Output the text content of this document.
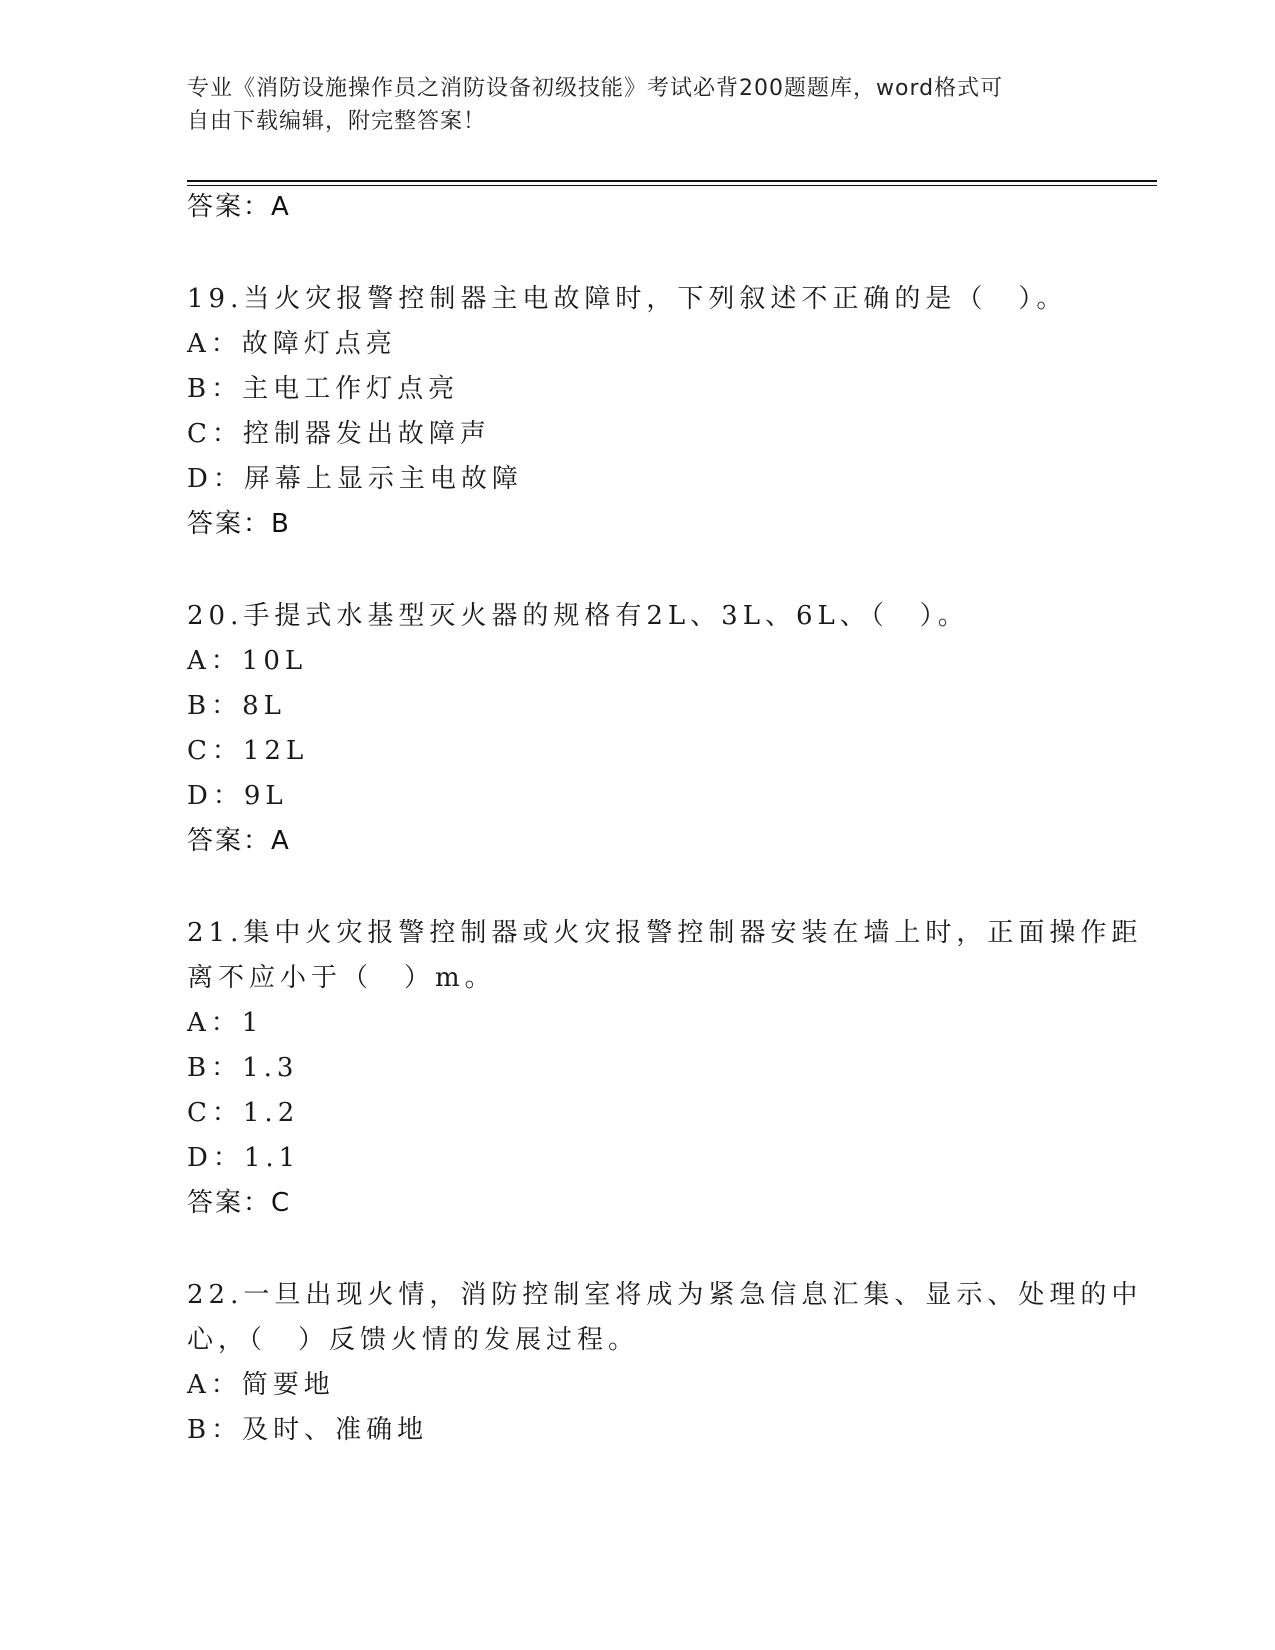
专业《消防设施操作员之消防设备初级技能》考试必背200题题库，word格式可
自由下载编辑，附完整答案！
答案：A
19.当火灾报警控制器主电故障时，下列叙述不正确的是（　）。
A：故障灯点亮
B：主电工作灯点亮
C：控制器发出故障声
D：屏幕上显示主电故障
答案：B
20.手提式水基型灭火器的规格有2L、3L、6L、（　）。
A：10L
B：8L
C：12L
D：9L
答案：A
21.集中火灾报警控制器或火灾报警控制器安装在墙上时，正面操作距
离不应小于（　）m。
A：1
B：1.3
C：1.2
D：1.1
答案：C
22.一旦出现火情，消防控制室将成为紧急信息汇集、显示、处理的中
心，（　）反馈火情的发展过程。
A：简要地
B：及时、准确地
